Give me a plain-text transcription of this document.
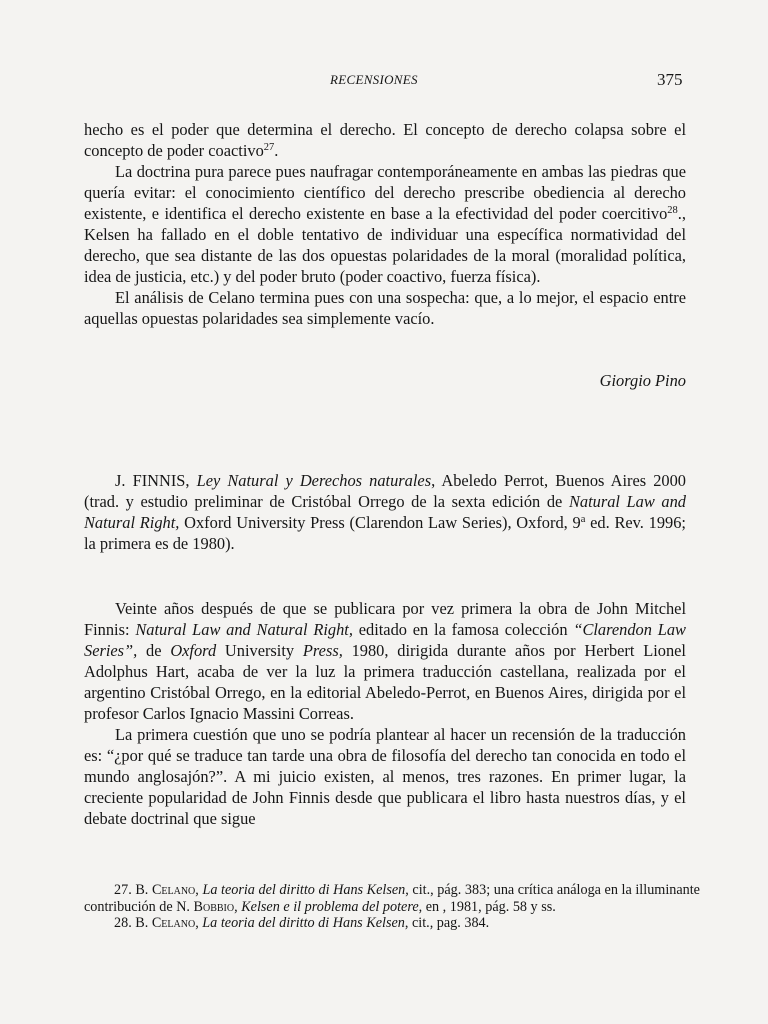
RECENSIONES	375

hecho es el poder que determina el derecho. El concepto de derecho colapsa sobre el concepto de poder coactivo$^{27}$.

La doctrina pura parece pues naufragar contemporáneamente en ambas las piedras que quería evitar: el conocimiento científico del derecho prescribe obediencia al derecho existente, e identifica el derecho existente en base a la efectividad del poder coercitivo$^{28}$., Kelsen ha fallado en el doble tentativo de individuar una específica normatividad del derecho, que sea distante de las dos opuestas polaridades de la moral (moralidad política, idea de justicia, etc.) y del poder bruto (poder coactivo, fuerza física).

El análisis de Celano termina pues con una sospecha: que, a lo mejor, el espacio entre aquellas opuestas polaridades sea simplemente vacío.

Giorgio Pino

J. FINNIS, Ley Natural y Derechos naturales, Abeledo Perrot, Buenos Aires 2000 (trad. y estudio preliminar de Cristóbal Orrego de la sexta edición de Natural Law and Natural Right, Oxford University Press (Clarendon Law Series), Oxford, 9$^a$ ed. Rev. 1996; la primera es de 1980).

Veinte años después de que se publicara por vez primera la obra de John Mitchel Finnis: Natural Law and Natural Right, editado en la famosa colección “Clarendon Law Series”, de Oxford University Press, 1980, dirigida durante años por Herbert Lionel Adolphus Hart, acaba de ver la luz la primera traducción castellana, realizada por el argentino Cristóbal Orrego, en la editorial Abeledo-Perrot, en Buenos Aires, dirigida por el profesor Carlos Ignacio Massini Correas.

La primera cuestión que uno se podría plantear al hacer un recensión de la traducción es: “¿por qué se traduce tan tarde una obra de filosofía del derecho tan conocida en todo el mundo anglosajón?”. A mi juicio existen, al menos, tres razones. En primer lugar, la creciente popularidad de John Finnis desde que publicara el libro hasta nuestros días, y el debate doctrinal que sigue

27. B. Celano, La teoria del diritto di Hans Kelsen, cit., pág. 383; una crítica análoga en la illuminante contribución de N. Bobbio, Kelsen e il problema del potere, en , 1981, pág. 58 y ss.

28. B. Celano, La teoria del diritto di Hans Kelsen, cit., pag. 384.
